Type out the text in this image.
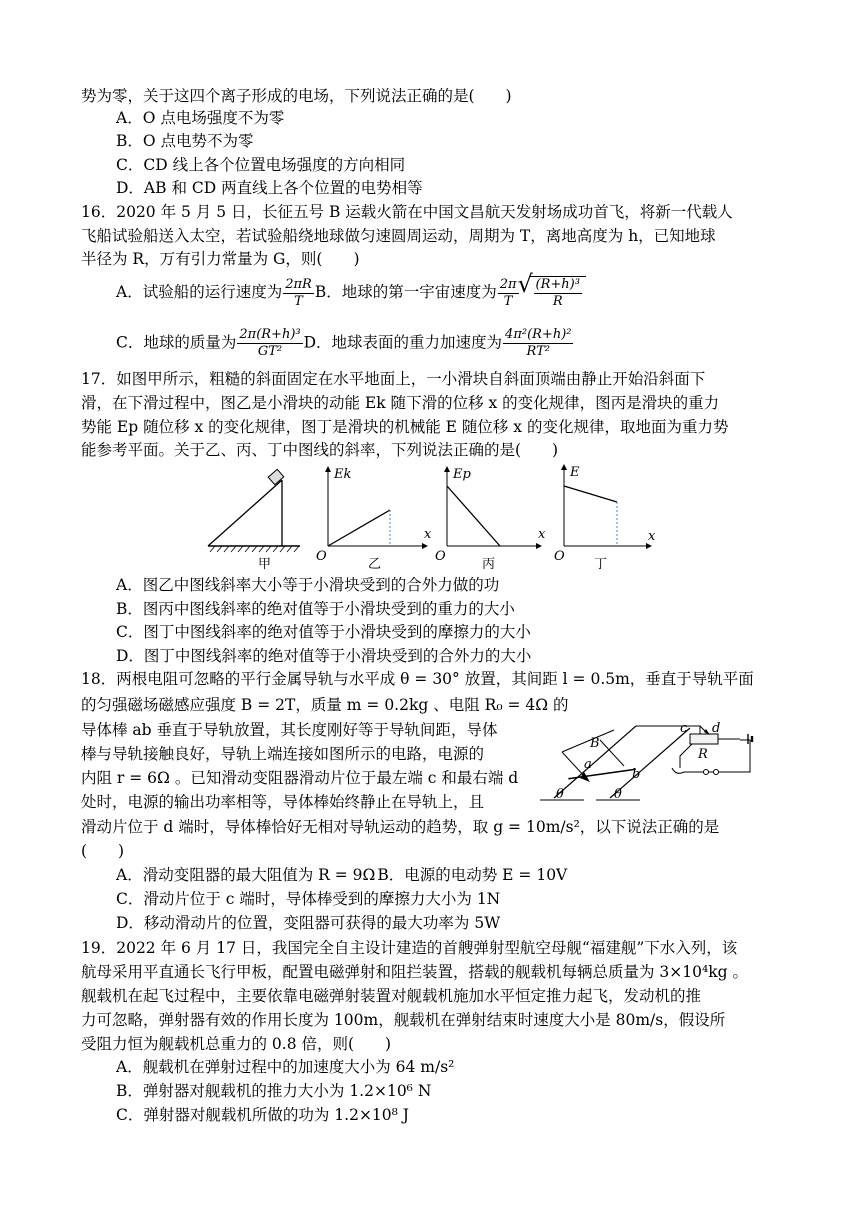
势为零，关于这四个离子形成的电场，下列说法正确的是(　　)
A．O 点电场强度不为零
B．O 点电势不为零
C．CD 线上各个位置电场强度的方向相同
D．AB 和 CD 两直线上各个位置的电势相等
16．2020 年 5 月 5 日，长征五号 B 运载火箭在中国文昌航天发射场成功首飞，将新一代载人
飞船试验船送入太空，若试验船绕地球做匀速圆周运动，周期为 T，离地高度为 h，已知地球
半径为 R，万有引力常量为 G，则(　　)
A．试验船的运行速度为 $\frac{2\pi R}{T}$ B．地球的第一宇宙速度为 $\frac{2\pi}{T}$
√ $\frac{\text{(R+h)³}}{R}$
C．地球的质量为 $\frac{\text{2π(R+h)³}}{\text{GT²}}$ D．地球表面的重力加速度为 $\frac{\text{4π²(R+h)²}}{\text{RT²}}$
17．如图甲所示，粗糙的斜面固定在水平地面上，一小滑块自斜面顶端由静止开始沿斜面下
滑，在下滑过程中，图乙是小滑块的动能 Ek 随下滑的位移 x 的变化规律，图丙是滑块的重力
势能 Ep 随位移 x 的变化规律，图丁是滑块的机械能 E 随位移 x 的变化规律，取地面为重力势
能参考平面。关于乙、丙、丁中图线的斜率，下列说法正确的是(　　)
甲
Ek
O
x
乙
Ep
O
x
丙
E
O
x
丁
A．图乙中图线斜率大小等于小滑块受到的合外力做的功
B．图丙中图线斜率的绝对值等于小滑块受到的重力的大小
C．图丁中图线斜率的绝对值等于小滑块受到的摩擦力的大小
D．图丁中图线斜率的绝对值等于小滑块受到的合外力的大小
18．两根电阻可忽略的平行金属导轨与水平成 θ = 30° 放置，其间距 l = 0.5m，垂直于导轨平面
的匀强磁场磁感应强度 B = 2T，质量 m = 0.2kg 、电阻 R₀ = 4Ω 的
导体棒 ab 垂直于导轨放置，其长度刚好等于导轨间距，导体
棒与导轨接触良好，导轨上端连接如图所示的电路，电源的
内阻 r = 6Ω 。已知滑动变阻器滑动片位于最左端 c 和最右端 d
处时，电源的输出功率相等，导体棒始终静止在导轨上，且
滑动片位于 d 端时，导体棒恰好无相对导轨运动的趋势，取 g = 10m/s²，以下说法正确的是
(　　)
B
a
b
θ	θ
c d
R
A．滑动变阻器的最大阻值为 R = 9Ω B．电源的电动势 E = 10V
C．滑动片位于 c 端时，导体棒受到的摩擦力大小为 1N
D．移动滑动片的位置，变阻器可获得的最大功率为 5W
19．2022 年 6 月 17 日，我国完全自主设计建造的首艘弹射型航空母舰“福建舰”下水入列，该
航母采用平直通长飞行甲板，配置电磁弹射和阻拦装置，搭载的舰载机每辆总质量为 3×10⁴kg 。
舰载机在起飞过程中，主要依靠电磁弹射装置对舰载机施加水平恒定推力起飞，发动机的推
力可忽略，弹射器有效的作用长度为 100m，舰载机在弹射结束时速度大小是 80m/s，假设所
受阻力恒为舰载机总重力的 0.8 倍，则(　　)
A．舰载机在弹射过程中的加速度大小为 64 m/s²
B．弹射器对舰载机的推力大小为 1.2×10⁶ N
C．弹射器对舰载机所做的功为 1.2×10⁸ J
